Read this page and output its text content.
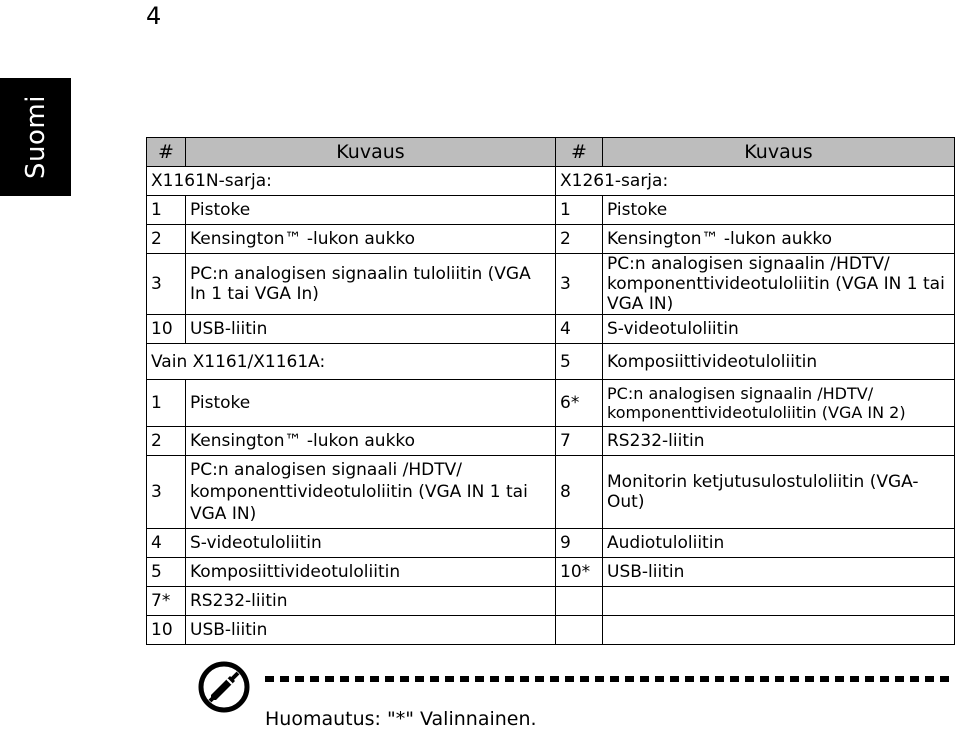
4
Suomi	#	Kuvaus	#	Kuvaus
X1161N-sarja:		X1261-sarja:	
1	Pistoke	1	Pistoke
2	Kensington™ -lukon aukko	2	Kensington™ -lukon aukko
3	PC:n analogisen signaalin tuloliitin (VGA In 1 tai VGA In)	3	PC:n analogisen signaalin /HDTV/ komponenttivideotuloliitin (VGA IN 1 tai VGA IN)
10	USB-liitin	4	S-videotuloliitin
Vain X1161/X1161A:		5	Komposiittivideotuloliitin
1	Pistoke	6*	PC:n analogisen signaalin /HDTV/ komponenttivideotuloliitin (VGA IN 2)
2	Kensington™ -lukon aukko	7	RS232-liitin
3	PC:n analogisen signaali /HDTV/ komponenttivideotuloliitin (VGA IN 1 tai VGA IN)	8	Monitorin ketjutusulostuloliitin (VGA-Out)
4	S-videotuloliitin	9	Audiotuloliitin
5	Komposiittivideotuloliitin	10*	USB-liitin
7*	RS232-liitin		
10	USB-liitin		
Huomautus: "*" Valinnainen.
